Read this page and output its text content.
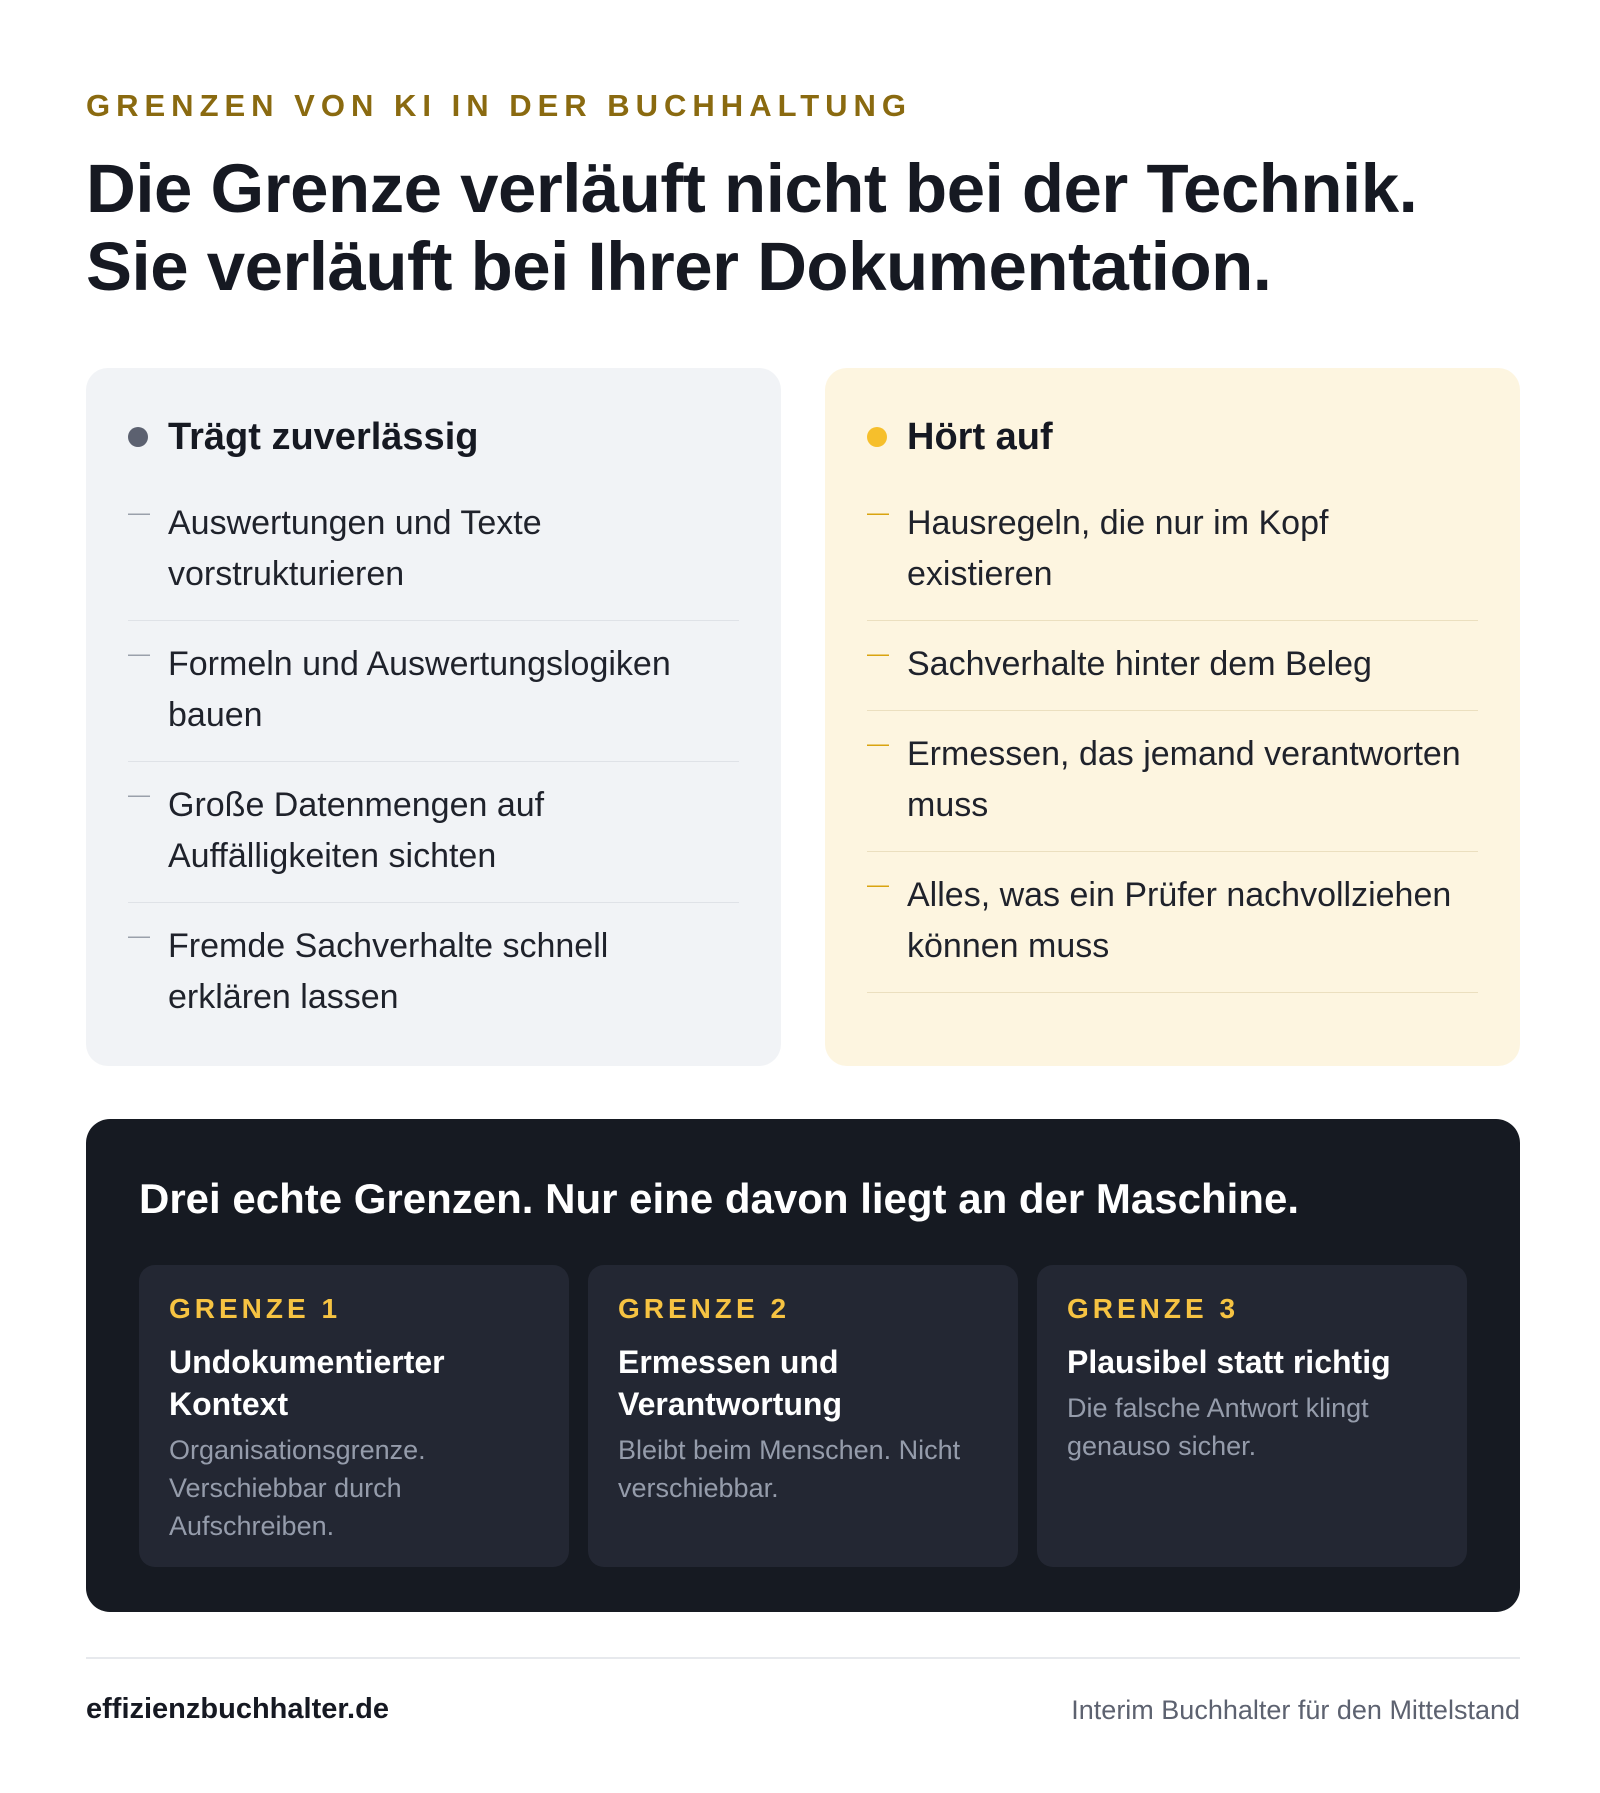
GRENZEN VON KI IN DER BUCHHALTUNG
Die Grenze verläuft nicht bei der Technik.
Sie verläuft bei Ihrer Dokumentation.
Trägt zuverlässig
— Auswertungen und Texte vorstrukturieren
— Formeln und Auswertungslogiken bauen
— Große Datenmengen auf Auffälligkeiten sichten
— Fremde Sachverhalte schnell erklären lassen
Hört auf
— Hausregeln, die nur im Kopf existieren
— Sachverhalte hinter dem Beleg
— Ermessen, das jemand verantworten muss
— Alles, was ein Prüfer nachvollziehen können muss
Drei echte Grenzen. Nur eine davon liegt an der Maschine.
GRENZE 1
Undokumentierter Kontext
Organisationsgrenze. Verschiebbar durch Aufschreiben.
GRENZE 2
Ermessen und Verantwortung
Bleibt beim Menschen. Nicht verschiebbar.
GRENZE 3
Plausibel statt richtig
Die falsche Antwort klingt genauso sicher.
effizienzbuchhalter.de	Interim Buchhalter für den Mittelstand
